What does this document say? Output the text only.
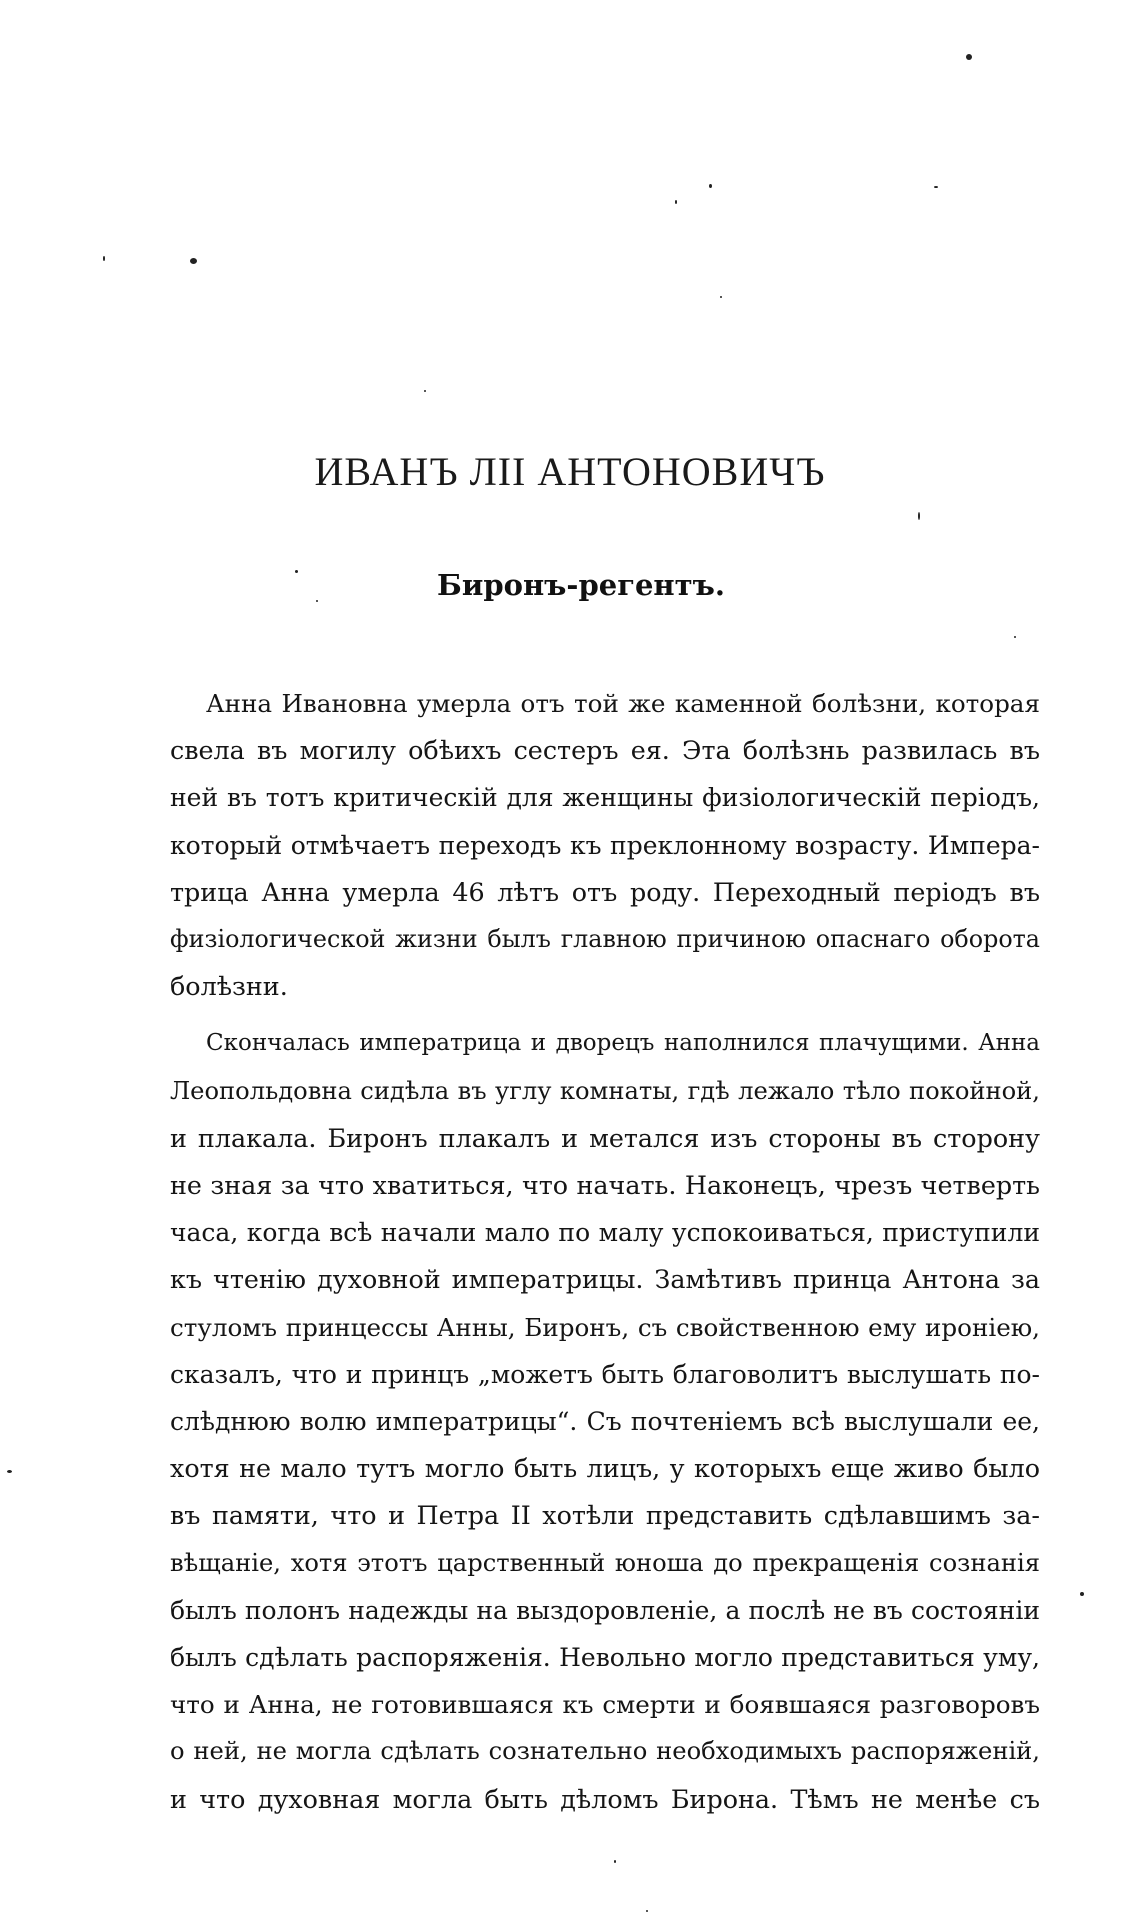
ИВАНЪ ЛII АНТОНОВИЧЪ
Биронъ-регентъ.

Анна Ивановна умерла отъ той же каменной болѣзни, которая

свела въ могилу обѣихъ сестеръ ея. Эта болѣзнь развилась въ

ней въ тотъ критическій для женщины физiологическій періодъ,

который отмѣчаетъ переходъ къ преклонному возрасту. Импера-

трица Анна умерла 46 лѣтъ отъ роду. Переходный періодъ въ

физiологической жизни былъ главною причиною опаснаго оборота

болѣзни.

Скончалась императрица и дворецъ наполнился плачущими. Анна

Леопольдовна сидѣла въ углу комнаты, гдѣ лежало тѣло покойной,

и плакала. Биронъ плакалъ и метался изъ стороны въ сторону

не зная за что хватиться, что начать. Наконецъ, чрезъ четверть

часа, когда всѣ начали мало по малу успокоиваться, приступили

къ чтенію духовной императрицы. Замѣтивъ принца Антона за

стуломъ принцессы Анны, Биронъ, съ свойственною ему ироніею,

сказалъ, что и принцъ „можетъ быть благоволитъ выслушать по-

слѣднюю волю императрицы“. Съ почтеніемъ всѣ выслушали ее,

хотя не мало тутъ могло быть лицъ, у которыхъ еще живо было

въ памяти, что и Петра II хотѣли представить сдѣлавшимъ за-

вѣщаніе, хотя этотъ царственный юноша до прекращенія сознанія

былъ полонъ надежды на выздоровленіе, а послѣ не въ состояніи

былъ сдѣлать распоряженія. Невольно могло представиться уму,

что и Анна, не готовившаяся къ смерти и боявшаяся разговоровъ

о ней, не могла сдѣлать сознательно необходимыхъ распоряженій,

и что духовная могла быть дѣломъ Бирона. Тѣмъ не менѣе съ
